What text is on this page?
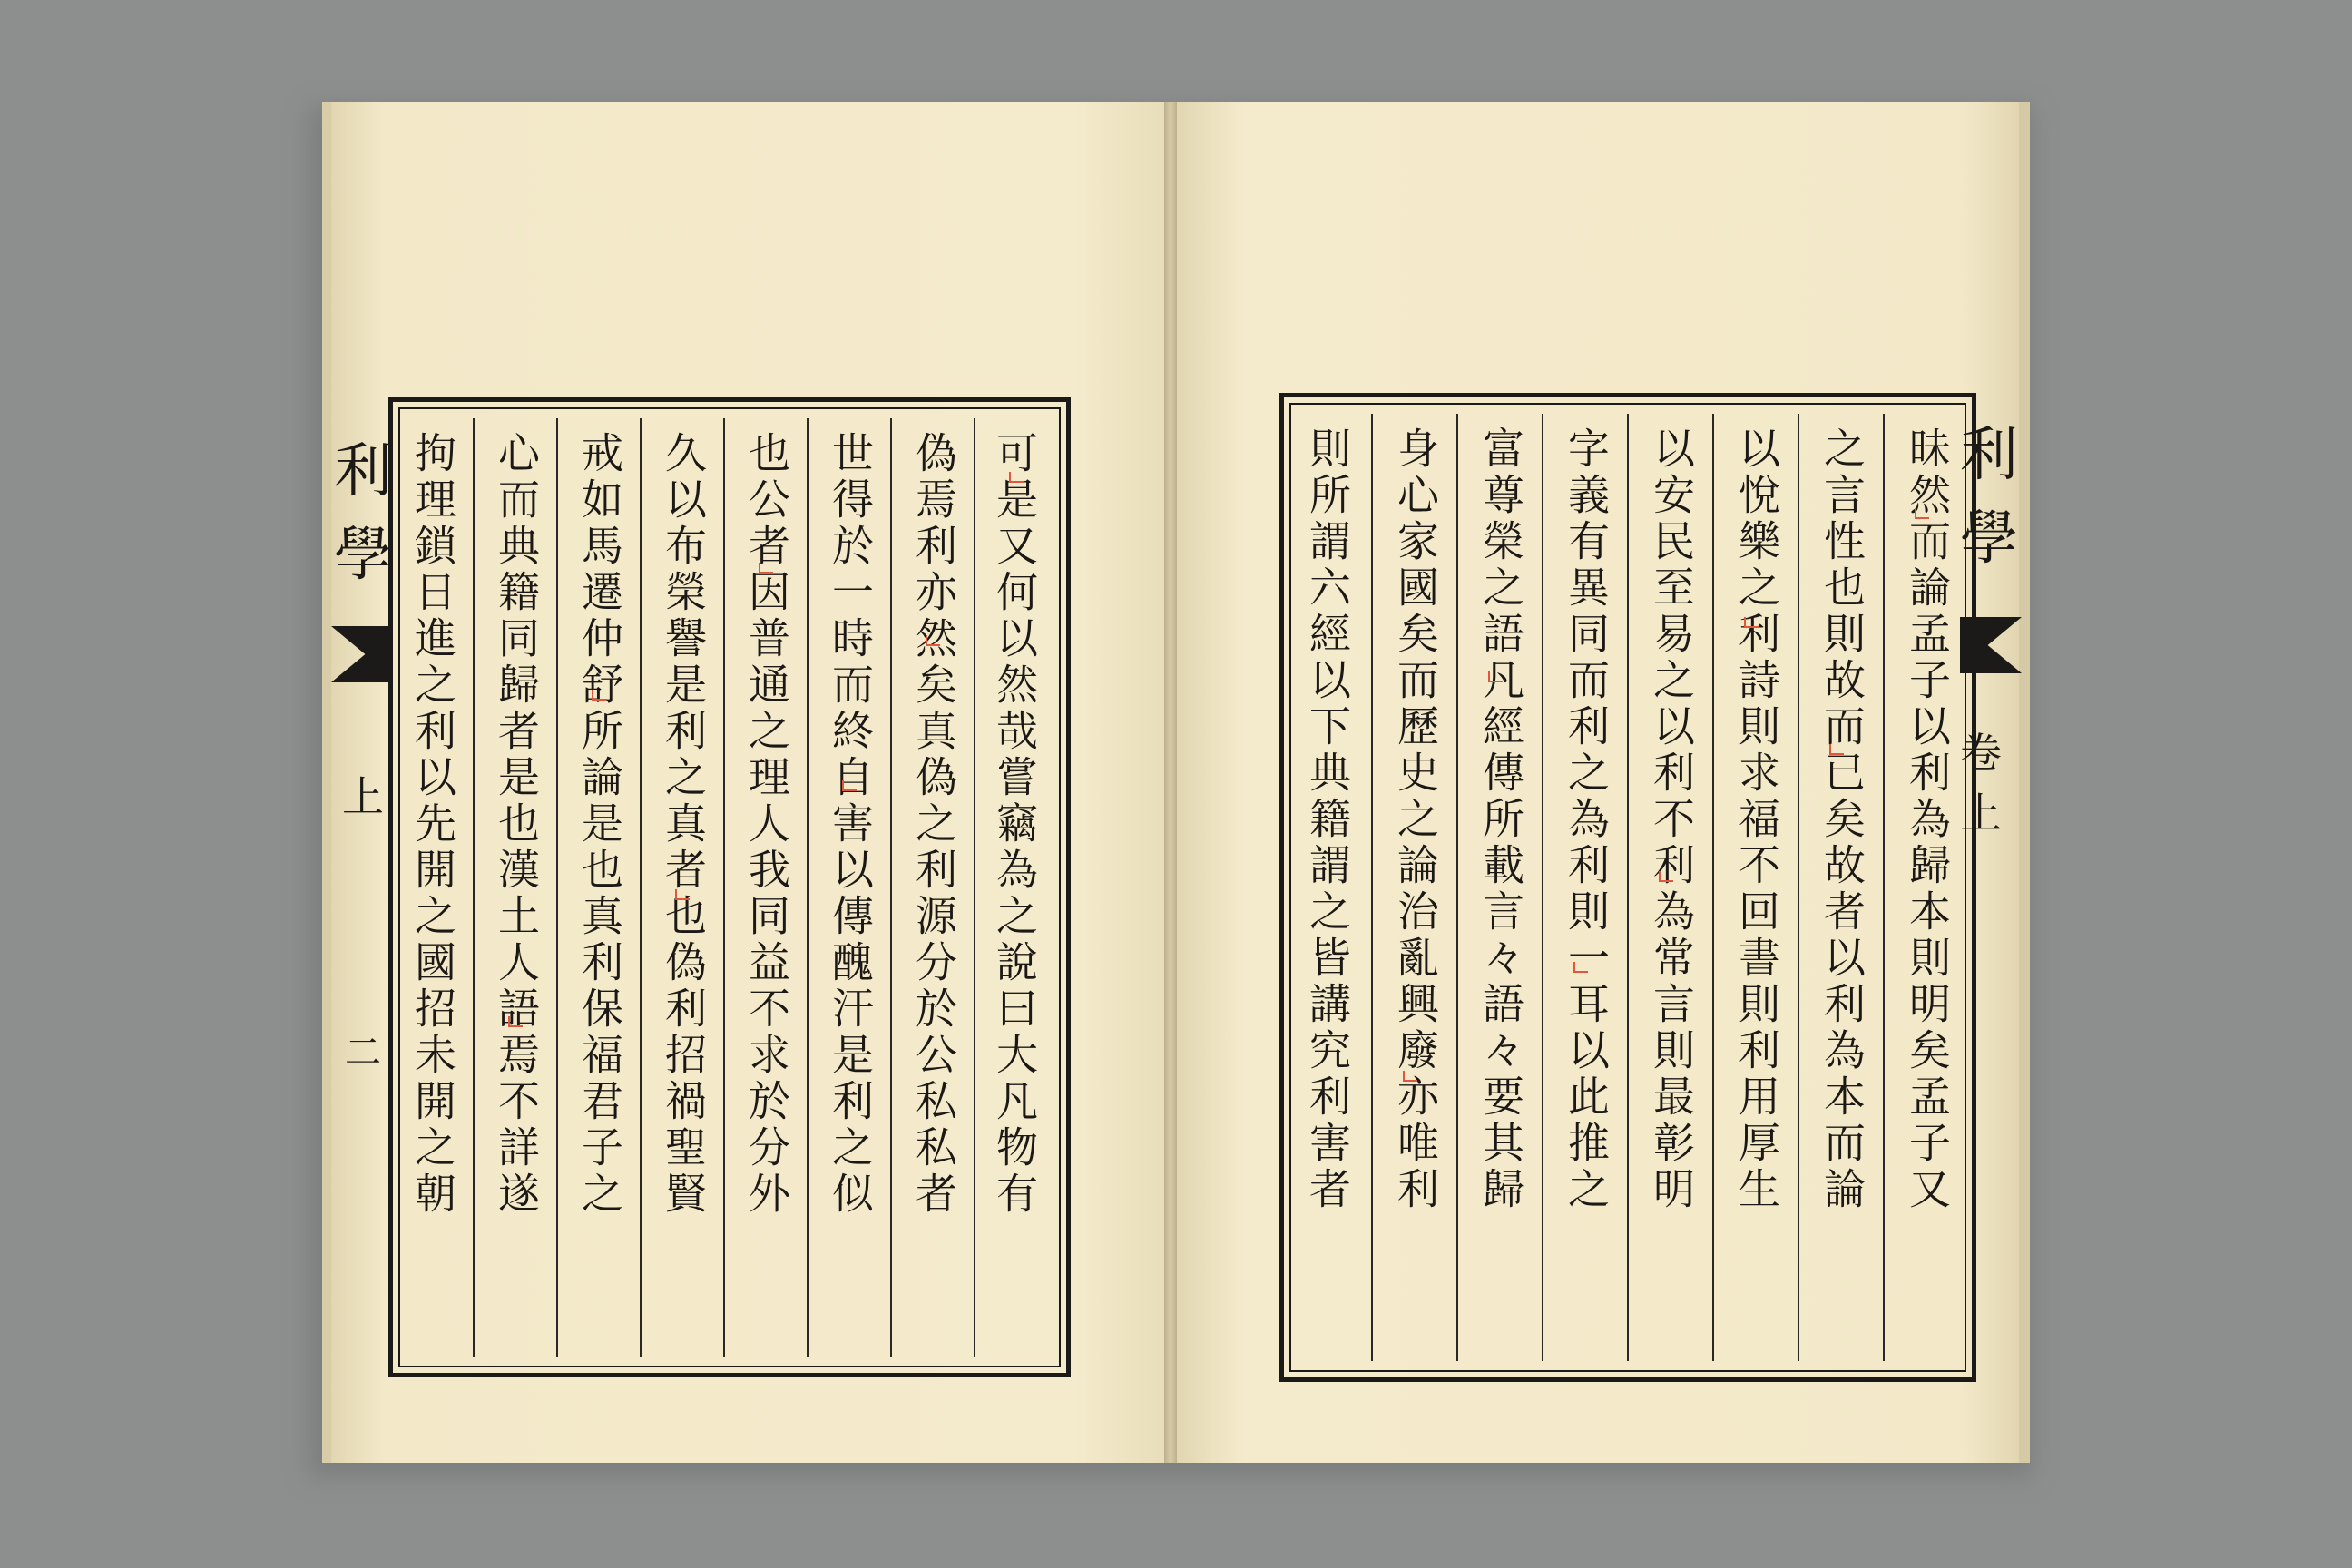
利學
上
二	可是又何以然哉嘗竊為之說曰大凡物有
偽焉利亦然矣真偽之利源分於公私私者
世得於一時而終自害以傳醜汗是利之似
也公者因普通之理人我同益不求於分外
久以布榮譽是利之真者也偽利招禍聖賢
戒如馬遷仲舒所論是也真利保福君子之
心而典籍同歸者是也漢土人語焉不詳遂
拘理鎖日進之利以先開之國招未開之朝	昧然而論孟子以利為歸本則明矣孟子又
之言性也則故而已矣故者以利為本而論
以悅樂之利詩則求福不回書則利用厚生
以安民至易之以利不利為常言則最彰明
字義有異同而利之為利則一耳以此推之
富尊榮之語凡經傳所載言々語々要其歸
身心家國矣而歷史之論治亂興廢亦唯利
則所謂六經以下典籍謂之皆講究利害者	利學
卷上
